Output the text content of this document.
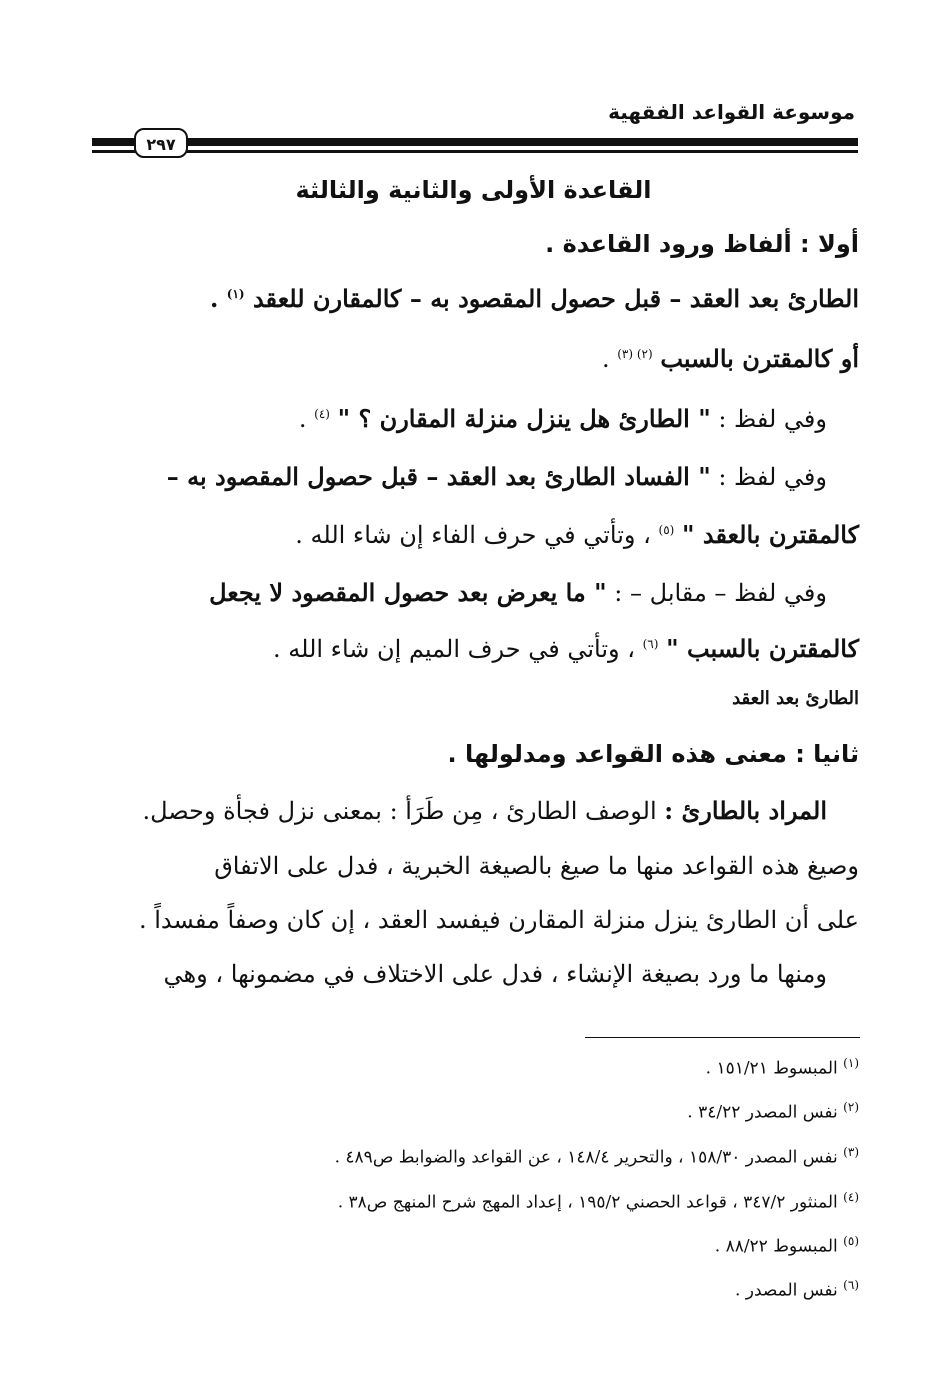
موسوعة القواعد الفقهية
٢٩٧
القاعدة الأولى والثانية والثالثة
أولا : ألفاظ ورود القاعدة .
الطارئ بعد العقد – قبل حصول المقصود به – كالمقارن للعقد $^{(١)}$ .
أو كالمقترن بالسبب $^{(٢) (٣)}$ .
وفي لفظ : " الطارئ هل ينزل منزلة المقارن ؟ " $^{(٤)}$ .
وفي لفظ : " الفساد الطارئ بعد العقد – قبل حصول المقصود به –
كالمقترن بالعقد " $^{(٥)}$ ، وتأتي في حرف الفاء إن شاء الله .
وفي لفظ – مقابل – : " ما يعرض بعد حصول المقصود لا يجعل
كالمقترن بالسبب " $^{(٦)}$ ، وتأتي في حرف الميم إن شاء الله .
الطارئ بعد العقد
ثانيا : معنى هذه القواعد ومدلولها .
المراد بالطارئ : الوصف الطارئ ، مِن طَرَأ : بمعنى نزل فجأة وحصل.
وصيغ هذه القواعد منها ما صيغ بالصيغة الخبرية ، فدل على الاتفاق
على أن الطارئ ينزل منزلة المقارن فيفسد العقد ، إن كان وصفاً مفسداً .
ومنها ما ورد بصيغة الإنشاء ، فدل على الاختلاف في مضمونها ، وهي
$^{(١)}$ المبسوط ١٥١/٢١ .
$^{(٢)}$ نفس المصدر ٣٤/٢٢ .
$^{(٣)}$ نفس المصدر ١٥٨/٣٠ ، والتحرير ١٤٨/٤ ، عن القواعد والضوابط ص٤٨٩ .
$^{(٤)}$ المنثور ٣٤٧/٢ ، قواعد الحصني ١٩٥/٢ ، إعداد المهج شرح المنهج ص٣٨ .
$^{(٥)}$ المبسوط ٨٨/٢٢ .
$^{(٦)}$ نفس المصدر .
